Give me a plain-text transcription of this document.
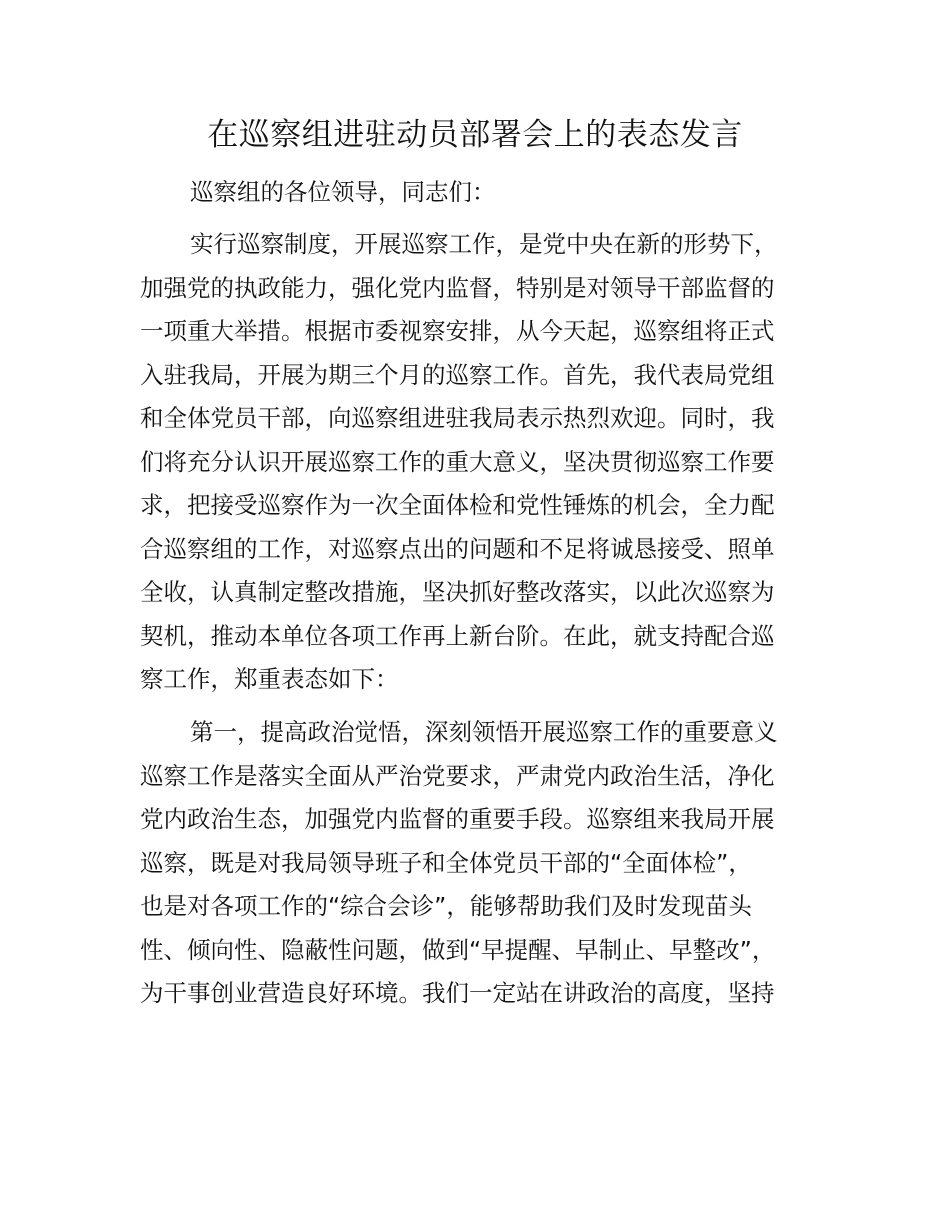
在巡察组进驻动员部署会上的表态发言
巡察组的各位领导，同志们：
实行巡察制度，开展巡察工作，是党中央在新的形势下，
加强党的执政能力，强化党内监督，特别是对领导干部监督的
一项重大举措。根据市委视察安排，从今天起，巡察组将正式
入驻我局，开展为期三个月的巡察工作。首先，我代表局党组
和全体党员干部，向巡察组进驻我局表示热烈欢迎。同时，我
们将充分认识开展巡察工作的重大意义，坚决贯彻巡察工作要
求，把接受巡察作为一次全面体检和党性锤炼的机会，全力配
合巡察组的工作，对巡察点出的问题和不足将诚恳接受、照单
全收，认真制定整改措施，坚决抓好整改落实，以此次巡察为
契机，推动本单位各项工作再上新台阶。在此，就支持配合巡
察工作，郑重表态如下：
第一，提高政治觉悟，深刻领悟开展巡察工作的重要意义
巡察工作是落实全面从严治党要求，严肃党内政治生活，净化
党内政治生态，加强党内监督的重要手段。巡察组来我局开展
巡察，既是对我局领导班子和全体党员干部的“全面体检”，
也是对各项工作的“综合会诊”，能够帮助我们及时发现苗头
性、倾向性、隐蔽性问题，做到“早提醒、早制止、早整改”，
为干事创业营造良好环境。我们一定站在讲政治的高度，坚持
